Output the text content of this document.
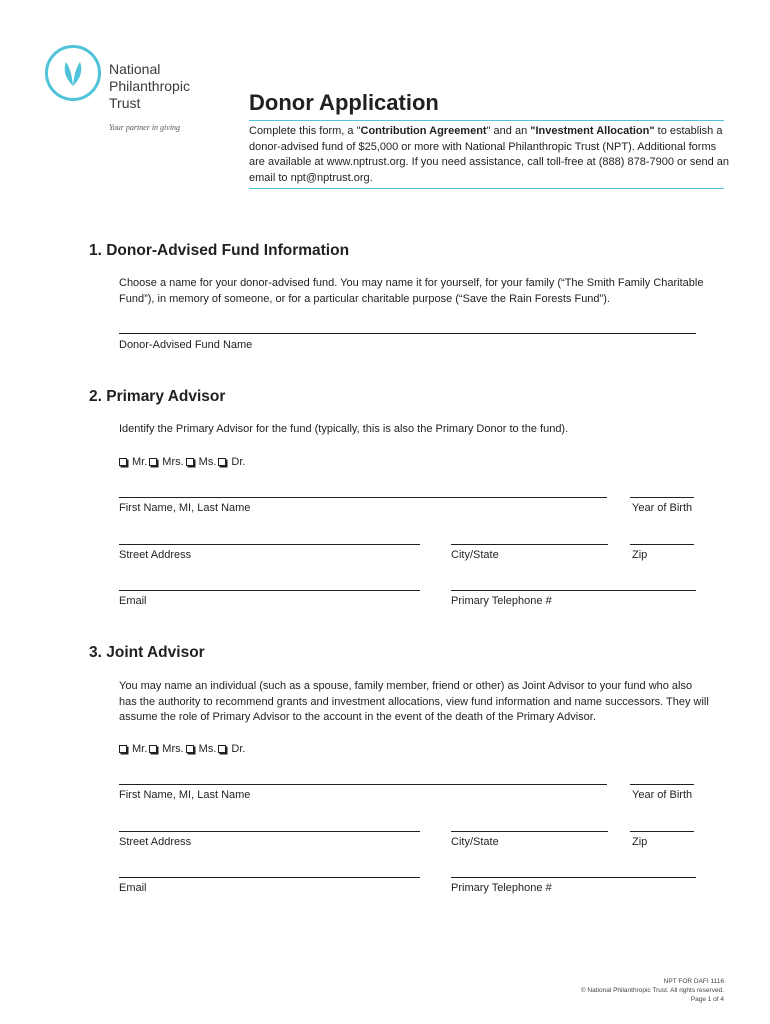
National
Philanthropic
Trust
Your partner in giving
Donor Application
Complete this form, a "Contribution Agreement" and an "Investment Allocation" to establish a donor-advised fund of $25,000 or more with National Philanthropic Trust (NPT). Additional forms are available at www.nptrust.org. If you need assistance, call toll-free at (888) 878-7900 or send an email to npt@nptrust.org.
1. Donor-Advised Fund Information
Choose a name for your donor-advised fund. You may name it for yourself, for your family (“The Smith Family Charitable Fund”), in memory of someone, or for a particular charitable purpose (“Save the Rain Forests Fund”).
Donor-Advised Fund Name
2. Primary Advisor
Identify the Primary Advisor for the fund (typically, this is also the Primary Donor to the fund).
Mr. Mrs. Ms. Dr.
First Name, MI, Last Name	Year of Birth
Street Address	City/State	Zip
Email	Primary Telephone #
3. Joint Advisor
You may name an individual (such as a spouse, family member, friend or other) as Joint Advisor to your fund who also has the authority to recommend grants and investment allocations, view fund information and name successors. They will assume the role of Primary Advisor to the account in the event of the death of the Primary Advisor.
Mr. Mrs. Ms. Dr.
First Name, MI, Last Name	Year of Birth
Street Address	City/State	Zip
Email	Primary Telephone #
NPT FOR DAFI 1116
© National Philanthropic Trust. All rights reserved.
Page 1 of 4
